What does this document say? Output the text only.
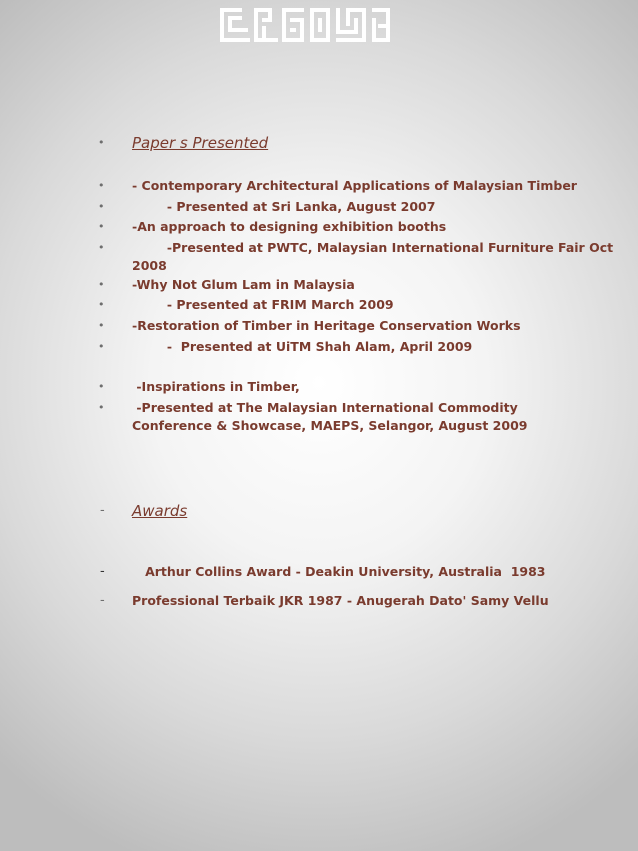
• Paper s Presented
• - Contemporary Architectural Applications of Malaysian Timber
• - Presented at Sri Lanka, August 2007
• -An approach to designing exhibition booths
• -Presented at PWTC, Malaysian International Furniture Fair Oct 2008
• -Why Not Glum Lam in Malaysia
• - Presented at FRIM March 2009
• -Restoration of Timber in Heritage Conservation Works
• -  Presented at UiTM Shah Alam, April 2009
• -Inspirations in Timber,
• -Presented at The Malaysian International Commodity Conference & Showcase, MAEPS, Selangor, August 2009
- Awards
- Arthur Collins Award - Deakin University, Australia  1983
- Professional Terbaik JKR 1987 - Anugerah Dato' Samy Vellu
